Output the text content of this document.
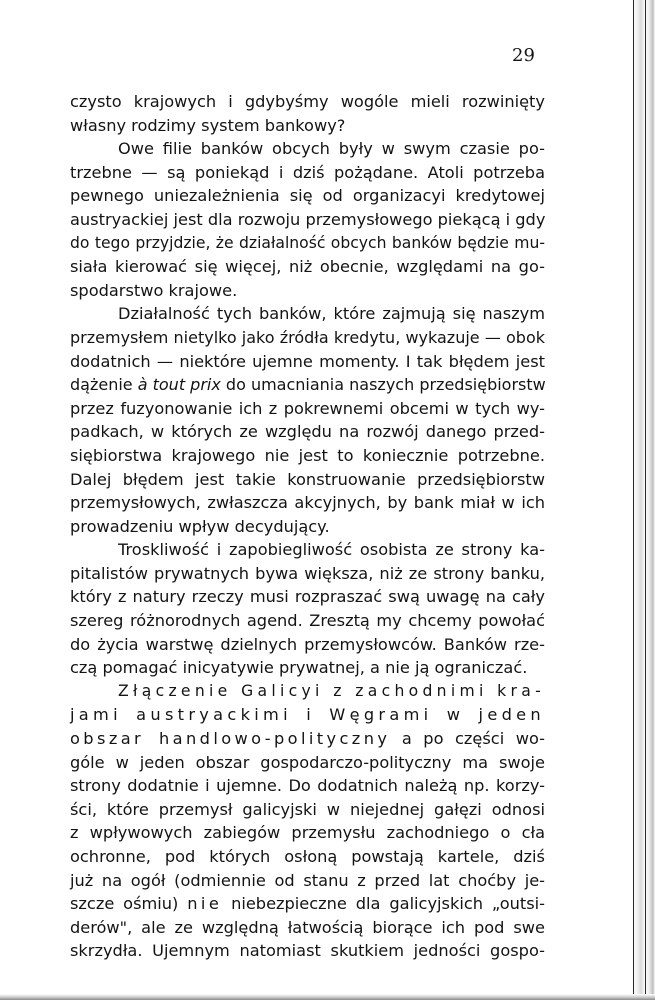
29
czysto krajowych i gdybyśmy wogóle mieli rozwinięty
własny rodzimy system bankowy?
Owe filie banków obcych były w swym czasie po-
trzebne — są poniekąd i dziś pożądane. Atoli potrzeba
pewnego uniezależnienia się od organizacyi kredytowej
austryackiej jest dla rozwoju przemysłowego piekącą i gdy
do tego przyjdzie, że działalność obcych banków będzie mu-
siała kierować się więcej, niż obecnie, względami na go-
spodarstwo krajowe.
Działalność tych banków, które zajmują się naszym
przemysłem nietylko jako źródła kredytu, wykazuje — obok
dodatnich — niektóre ujemne momenty. I tak błędem jest
dążenie à tout prix do umacniania naszych przedsiębiorstw
przez fuzyonowanie ich z pokrewnemi obcemi w tych wy-
padkach, w których ze względu na rozwój danego przed-
siębiorstwa krajowego nie jest to koniecznie potrzebne.
Dalej błędem jest takie konstruowanie przedsiębiorstw
przemysłowych, zwłaszcza akcyjnych, by bank miał w ich
prowadzeniu wpływ decydujący.
Troskliwość i zapobiegliwość osobista ze strony ka-
pitalistów prywatnych bywa większa, niż ze strony banku,
który z natury rzeczy musi rozpraszać swą uwagę na cały
szereg różnorodnych agend. Zresztą my chcemy powołać
do życia warstwę dzielnych przemysłowców. Banków rze-
czą pomagać inicyatywie prywatnej, a nie ją ograniczać.
Złączenie Galicyi z zachodnimi kra-
jami austryackimi i Węgrami w jeden
obszar handlowo-polityczny a po części wo-
góle w jeden obszar gospodarczo-polityczny ma swoje
strony dodatnie i ujemne. Do dodatnich należą np. korzy-
ści, które przemysł galicyjski w niejednej gałęzi odnosi
z wpływowych zabiegów przemysłu zachodniego o cła
ochronne, pod których osłoną powstają kartele, dziś
już na ogół (odmiennie od stanu z przed lat choćby je-
szcze ośmiu) nie niebezpieczne dla galicyjskich „outsi-
derów", ale ze względną łatwością biorące ich pod swe
skrzydła. Ujemnym natomiast skutkiem jedności gospo-
